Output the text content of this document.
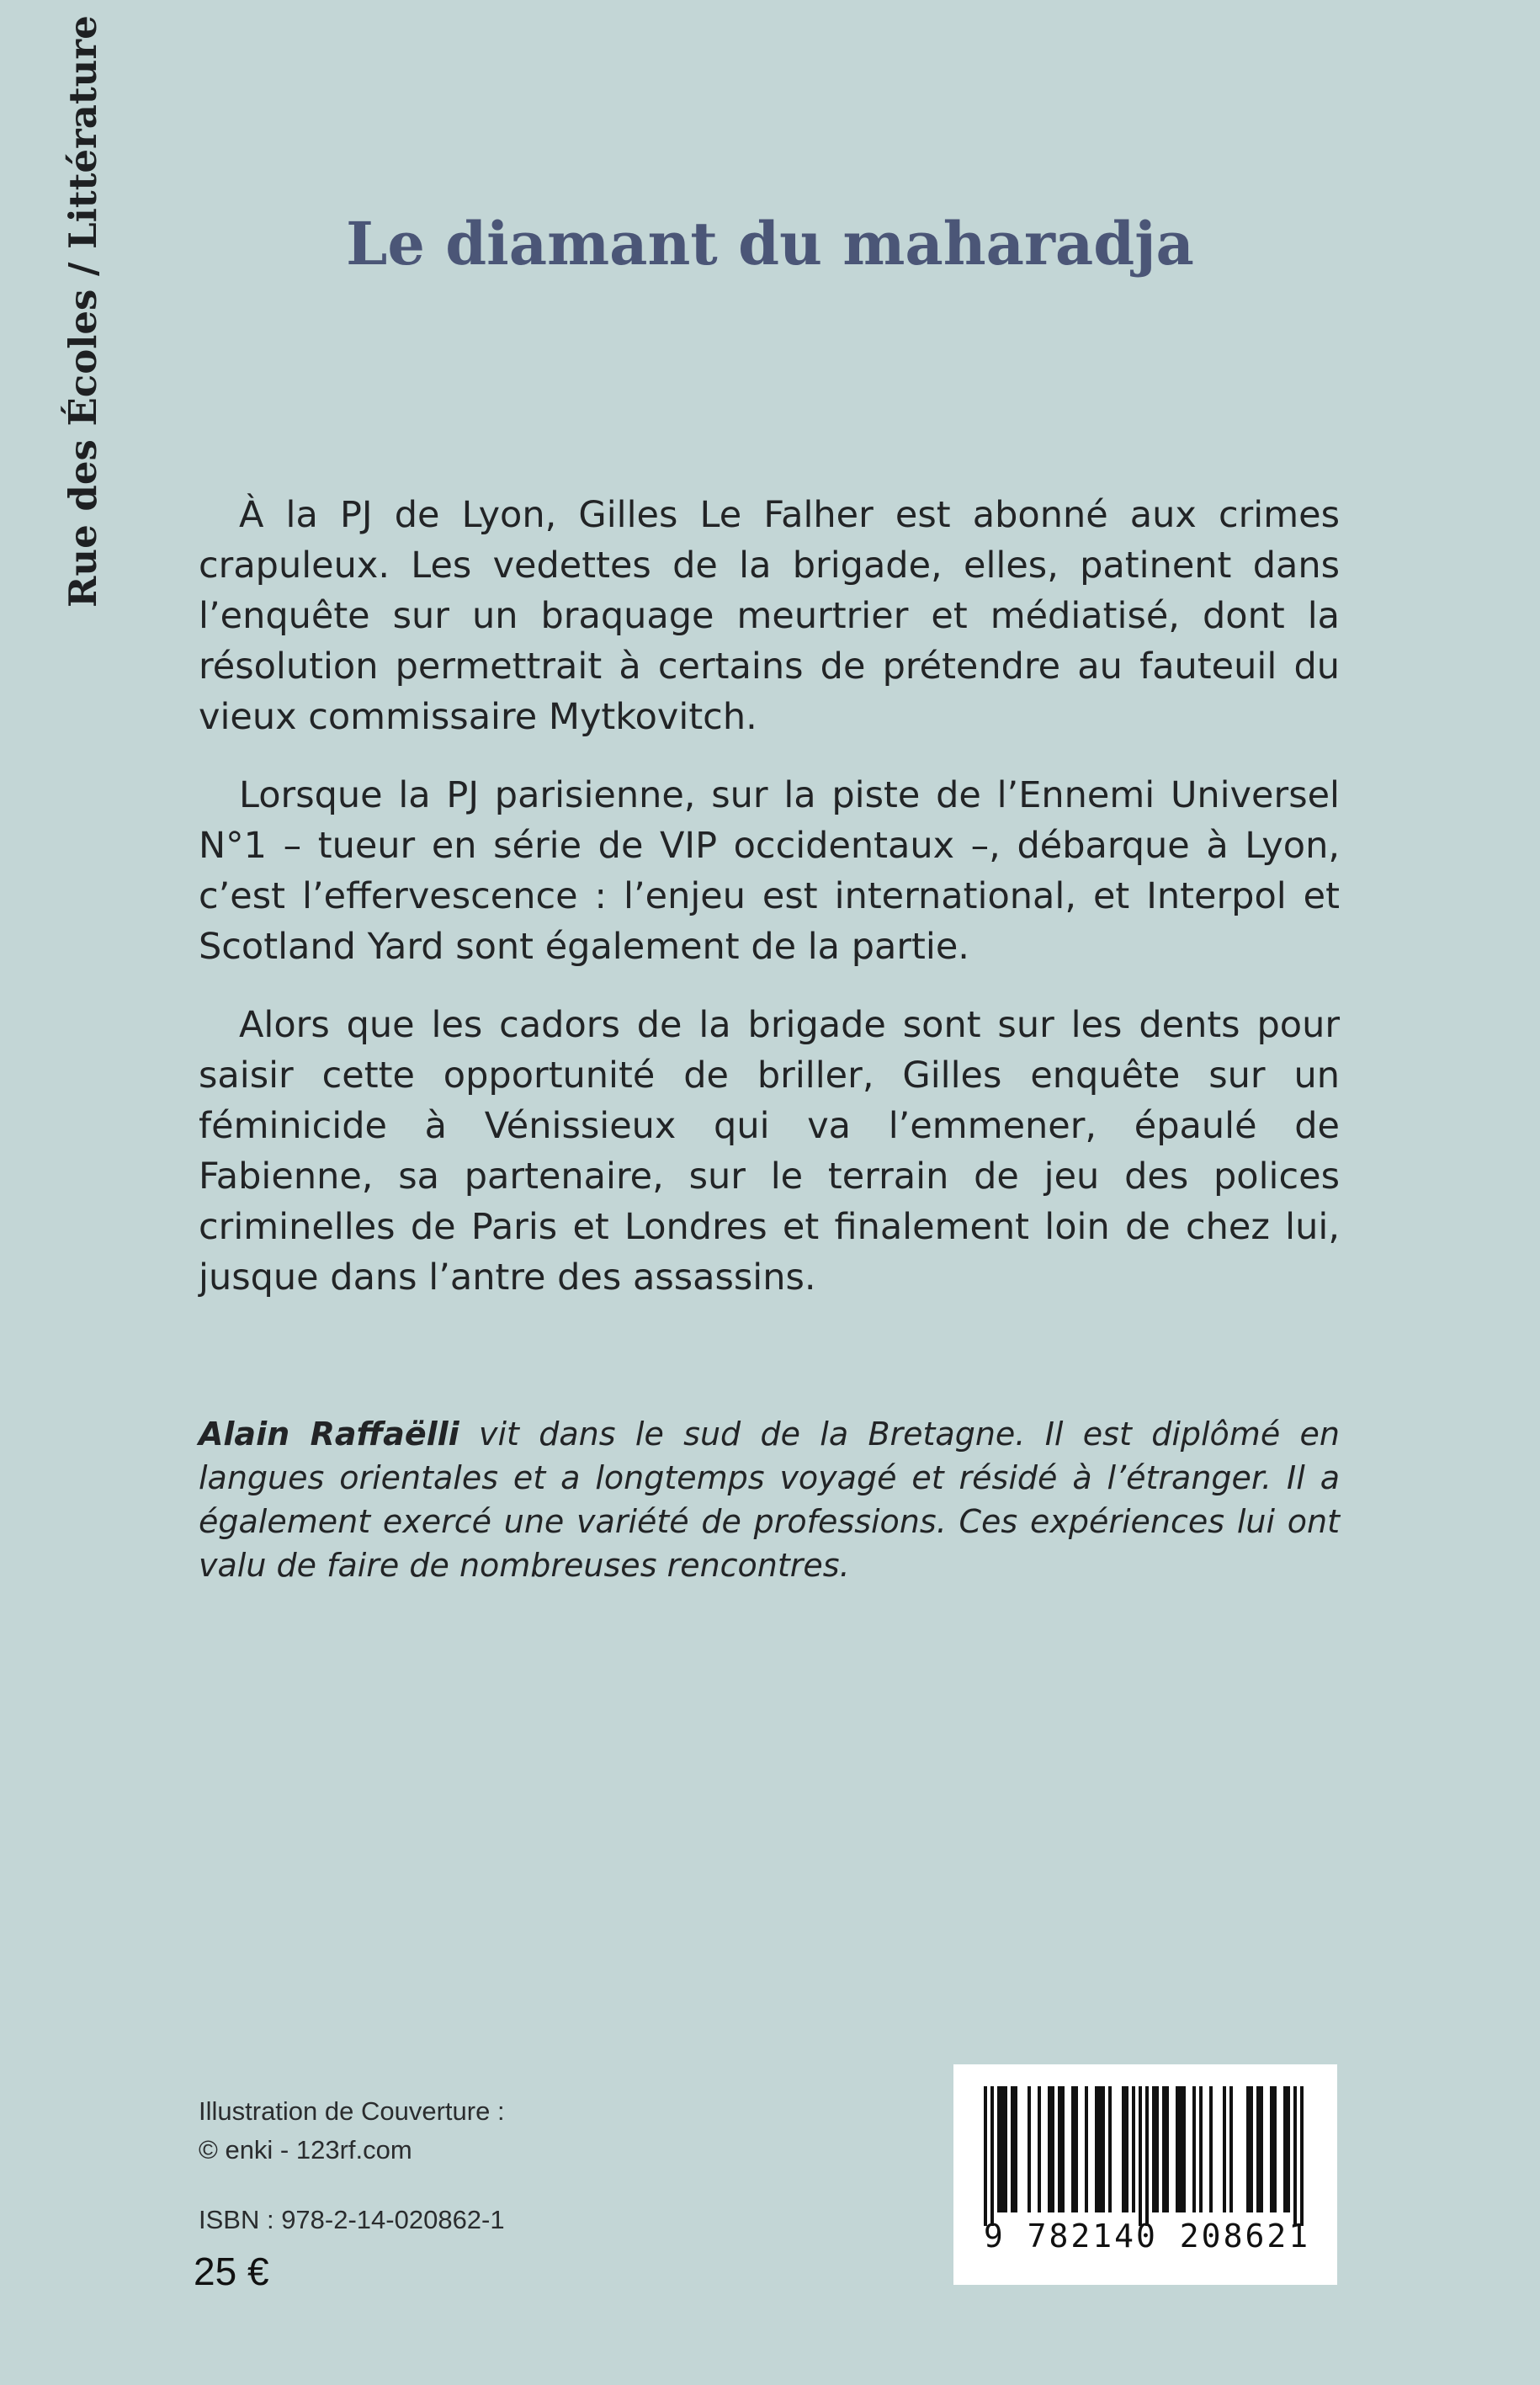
Rue des Écoles / Littérature	Le diamant du maharadja

À la PJ de Lyon, Gilles Le Falher est abonné aux crimes crapuleux. Les vedettes de la brigade, elles, patinent dans l’enquête sur un braquage meurtrier et médiatisé, dont la résolution permettrait à certains de prétendre au fauteuil du vieux commissaire Mytkovitch.

Lorsque la PJ parisienne, sur la piste de l’Ennemi Universel N°1 – tueur en série de VIP occidentaux –, débarque à Lyon, c’est l’effervescence : l’enjeu est international, et Interpol et Scotland Yard sont également de la partie.

Alors que les cadors de la brigade sont sur les dents pour saisir cette opportunité de briller, Gilles enquête sur un féminicide à Vénissieux qui va l’emmener, épaulé de Fabienne, sa partenaire, sur le terrain de jeu des polices criminelles de Paris et Londres et finalement loin de chez lui, jusque dans l’antre des assassins.

Alain Raffaëlli vit dans le sud de la Bretagne. Il est diplômé en langues orientales et a longtemps voyagé et résidé à l’étranger. Il a également exercé une variété de professions. Ces expériences lui ont valu de faire de nombreuses rencontres.
Illustration de Couverture :
© enki - 123rf.com
ISBN : 978-2-14-020862-1
25 €
9 782140 208621
